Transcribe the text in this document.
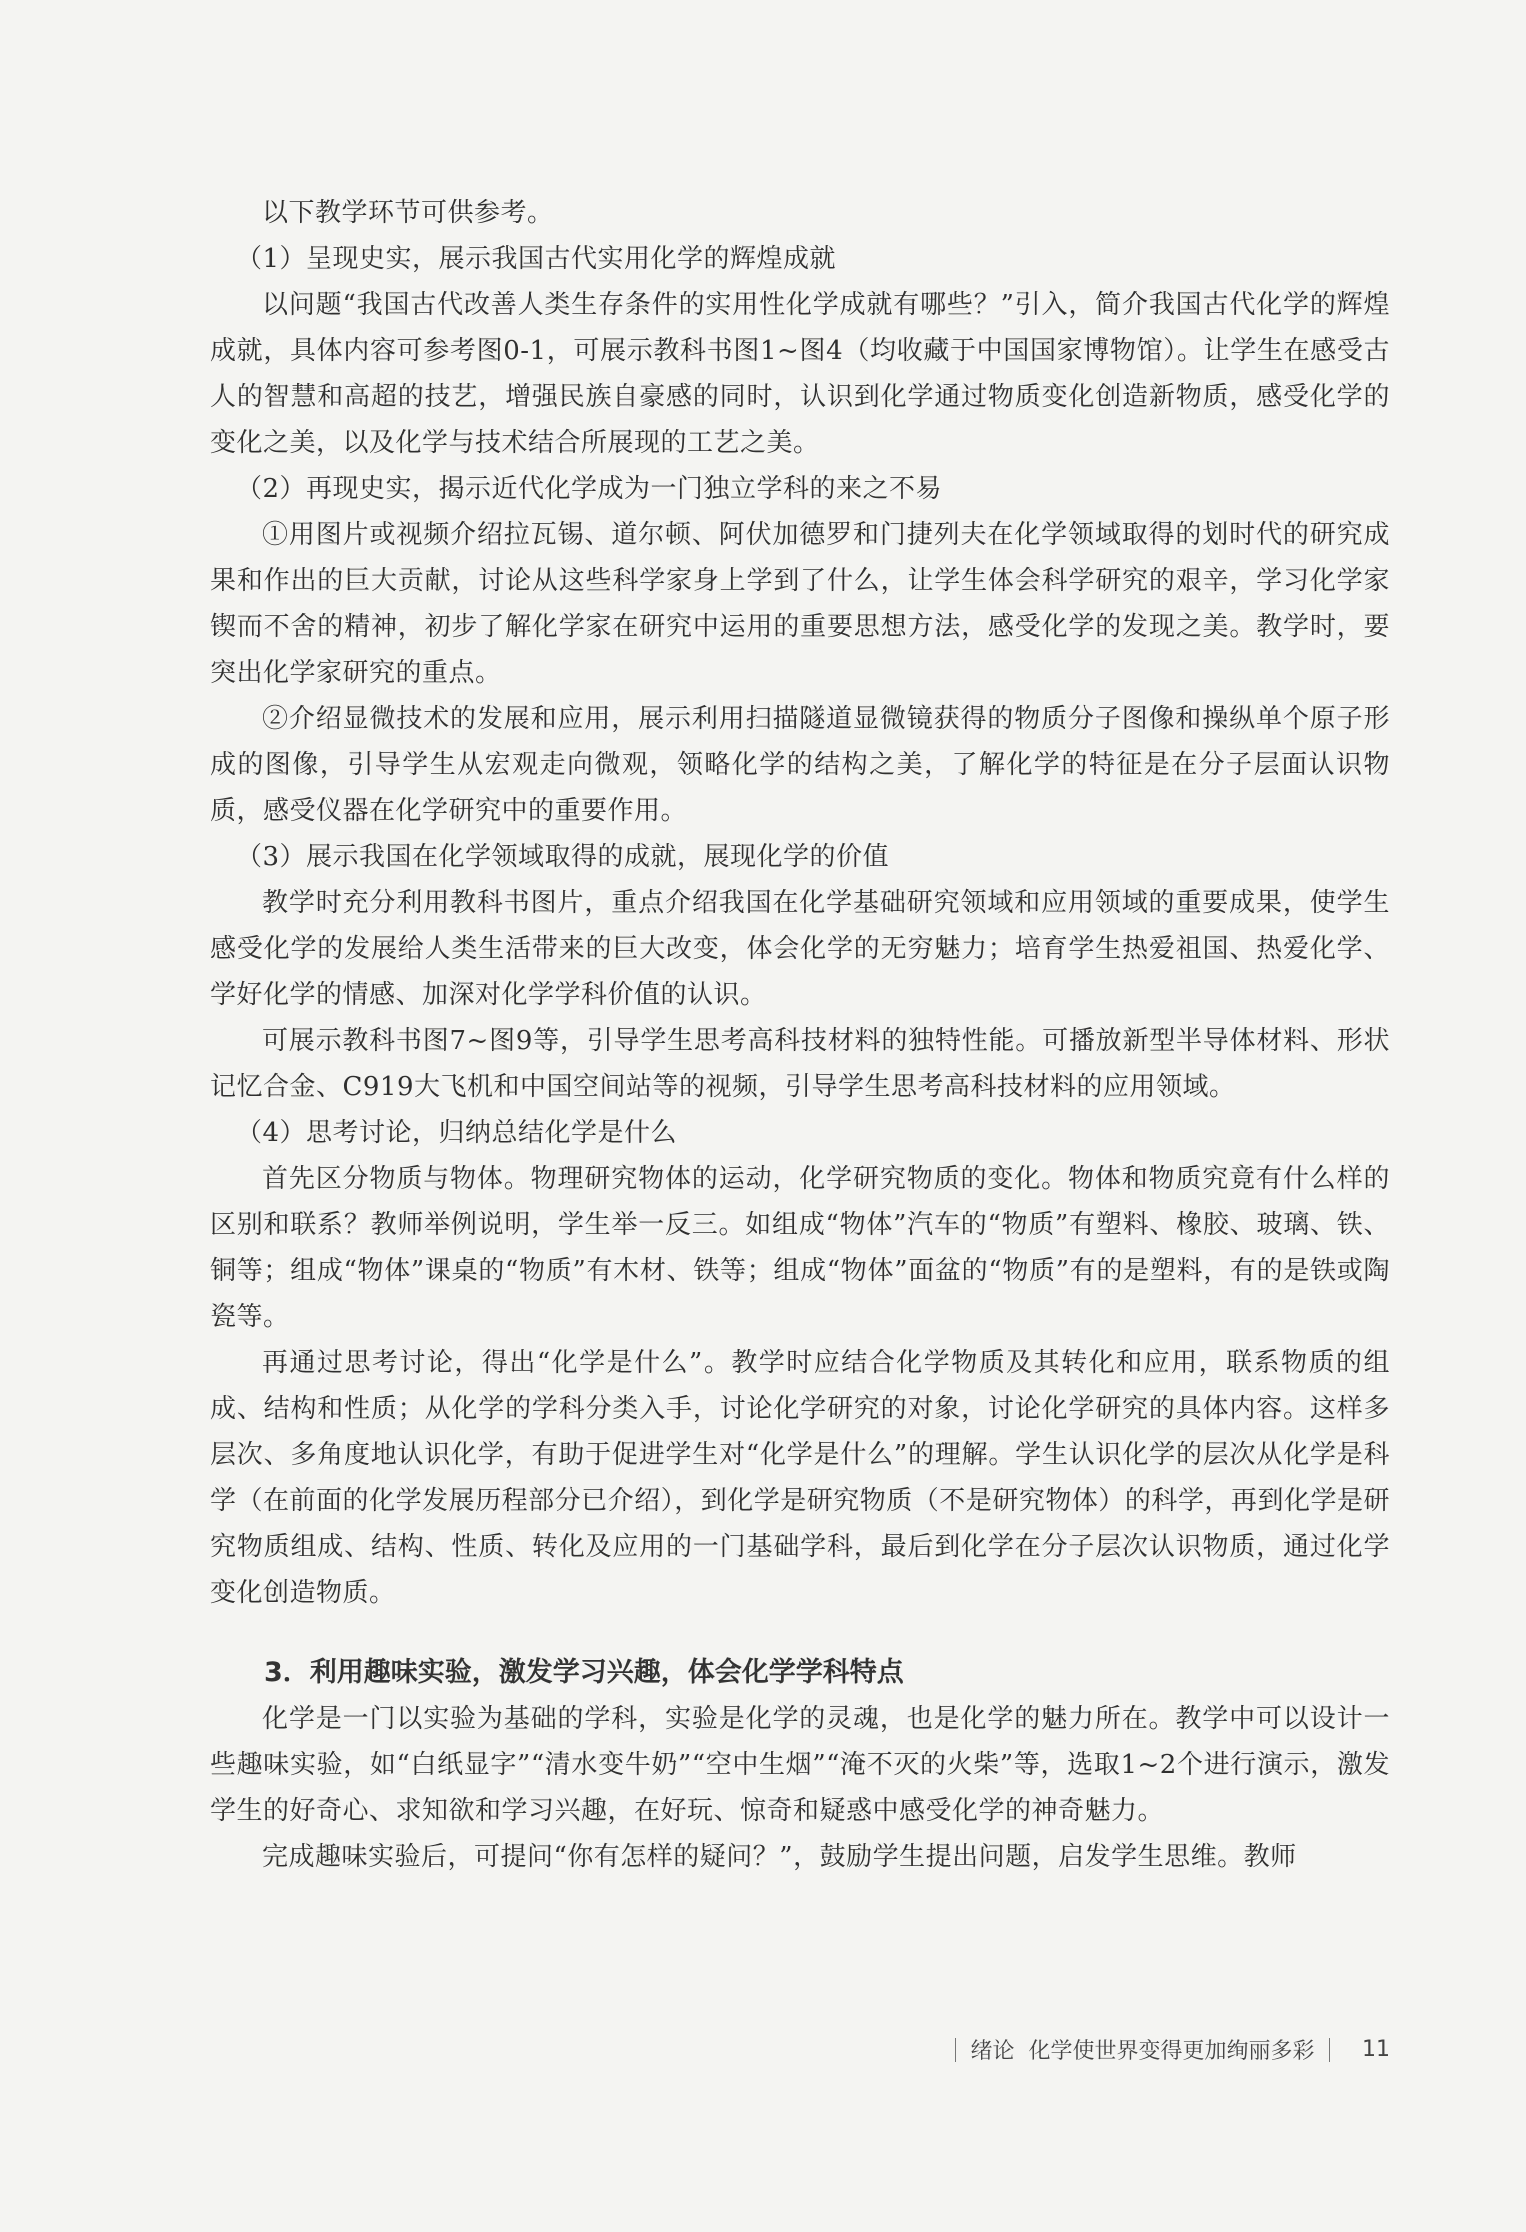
以下教学环节可供参考。

（1）呈现史实，展示我国古代实用化学的辉煌成就

以问题“我国古代改善人类生存条件的实用性化学成就有哪些？”引入，简介我国古代化学的辉煌成就，具体内容可参考图0-1，可展示教科书图1~图4（均收藏于中国国家博物馆）。让学生在感受古人的智慧和高超的技艺，增强民族自豪感的同时，认识到化学通过物质变化创造新物质，感受化学的变化之美，以及化学与技术结合所展现的工艺之美。

（2）再现史实，揭示近代化学成为一门独立学科的来之不易

①用图片或视频介绍拉瓦锡、道尔顿、阿伏加德罗和门捷列夫在化学领域取得的划时代的研究成果和作出的巨大贡献，讨论从这些科学家身上学到了什么，让学生体会科学研究的艰辛，学习化学家锲而不舍的精神，初步了解化学家在研究中运用的重要思想方法，感受化学的发现之美。教学时，要突出化学家研究的重点。

②介绍显微技术的发展和应用，展示利用扫描隧道显微镜获得的物质分子图像和操纵单个原子形成的图像，引导学生从宏观走向微观，领略化学的结构之美，了解化学的特征是在分子层面认识物质，感受仪器在化学研究中的重要作用。

（3）展示我国在化学领域取得的成就，展现化学的价值

教学时充分利用教科书图片，重点介绍我国在化学基础研究领域和应用领域的重要成果，使学生感受化学的发展给人类生活带来的巨大改变，体会化学的无穷魅力；培育学生热爱祖国、热爱化学、学好化学的情感、加深对化学学科价值的认识。

可展示教科书图7~图9等，引导学生思考高科技材料的独特性能。可播放新型半导体材料、形状记忆合金、C919大飞机和中国空间站等的视频，引导学生思考高科技材料的应用领域。

（4）思考讨论，归纳总结化学是什么

首先区分物质与物体。物理研究物体的运动，化学研究物质的变化。物体和物质究竟有什么样的区别和联系？教师举例说明，学生举一反三。如组成“物体”汽车的“物质”有塑料、橡胶、玻璃、铁、铜等；组成“物体”课桌的“物质”有木材、铁等；组成“物体”面盆的“物质”有的是塑料，有的是铁或陶瓷等。

再通过思考讨论，得出“化学是什么”。教学时应结合化学物质及其转化和应用，联系物质的组成、结构和性质；从化学的学科分类入手，讨论化学研究的对象，讨论化学研究的具体内容。这样多层次、多角度地认识化学，有助于促进学生对“化学是什么”的理解。学生认识化学的层次从化学是科学（在前面的化学发展历程部分已介绍），到化学是研究物质（不是研究物体）的科学，再到化学是研究物质组成、结构、性质、转化及应用的一门基础学科，最后到化学在分子层次认识物质，通过化学变化创造物质。

3．利用趣味实验，激发学习兴趣，体会化学学科特点

化学是一门以实验为基础的学科，实验是化学的灵魂，也是化学的魅力所在。教学中可以设计一些趣味实验，如“白纸显字”“清水变牛奶”“空中生烟”“淹不灭的火柴”等，选取1~2个进行演示，激发学生的好奇心、求知欲和学习兴趣，在好玩、惊奇和疑惑中感受化学的神奇魅力。

完成趣味实验后，可提问“你有怎样的疑问？”，鼓励学生提出问题，启发学生思维。教师

绪论 化学使世界变得更加绚丽多彩 11
